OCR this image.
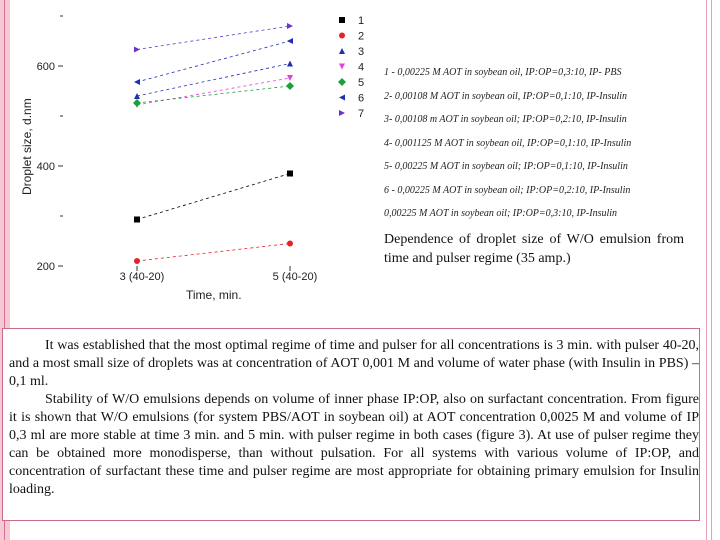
200
400
600
3 (40-20)	5 (40-20)
1
2
3
4
5
6
7
Droplet size, d.nm
Time, min.
1 - 0,00225 M AOT in soybean oil, IP:OP=0,3:10, IP- PBS
2- 0,00108 M AOT in soybean oil, IP:OP=0,1:10, IP-Insulin
3- 0,00108 m AOT in soybean oil; IP:OP=0,2:10, IP-Insulin
4- 0,001125 M AOT in soybean oil, IP:OP=0,1:10, IP-Insulin
5- 0,00225 M AOT in soybean oil; IP:OP=0,1:10, IP-Insulin
6 - 0,00225 M AOT in soybean oil; IP:OP=0,2:10, IP-Insulin
0,00225 M AOT in soybean oil; IP:OP=0,3:10, IP-Insulin
Dependence of droplet size of W/O emulsion from time and pulser regime (35 amp.)

It was established that the most optimal regime of time and pulser for all concentrations is 3 min. with pulser 40-20, and a most small size of droplets was at concentration of AOT 0,001 M and volume of water phase (with Insulin in PBS) – 0,1 ml.

Stability of W/O emulsions depends on volume of inner phase IP:OP, also on surfactant concentration. From figure it is shown that W/O emulsions (for system PBS/AOT in soybean oil) at AOT concentration 0,0025 M and volume of IP 0,3 ml are more stable at time 3 min. and 5 min. with pulser regime in both cases (figure 3). At use of pulser regime they can be obtained more monodisperse, than without pulsation. For all systems with various volume of IP:OP, and concentration of surfactant these time and pulser regime are most appropriate for obtaining primary emulsion for Insulin loading.
